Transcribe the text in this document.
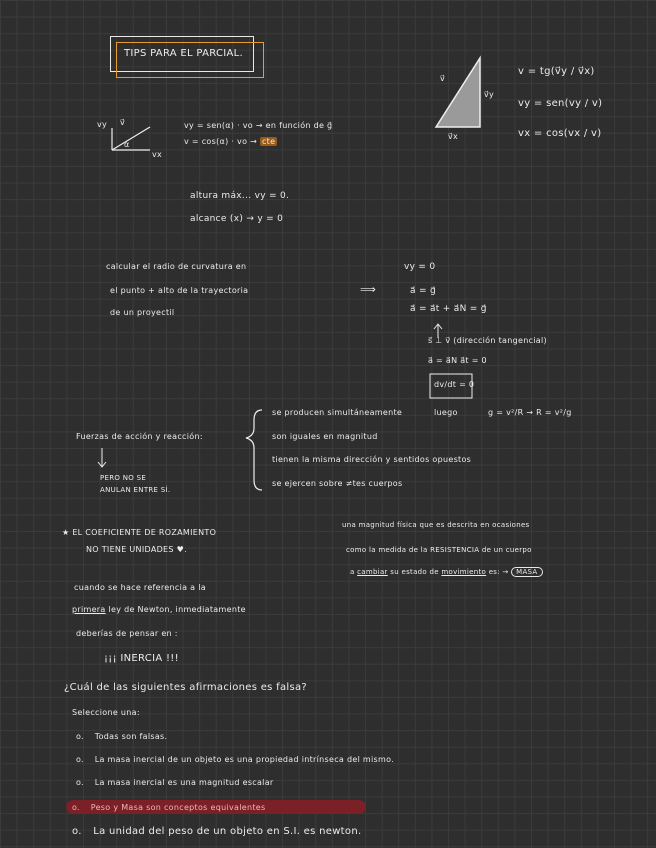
TIPS PARA EL PARCIAL.
v⃗
v⃗y
v⃗x
v = tg(v⃗y / v⃗x)
vy = sen(vy / v)
vx = cos(vx / v)
vy v⃗
vx
α
vy = sen(α) · vo → en función de g⃗
v = cos(α) · vo → cte
altura máx... vy = 0.
alcance (x) → y = 0
calcular el radio de curvatura en
el punto + alto de la trayectoria
de un proyectil
⟹
vy = 0
a⃗ = g⃗
a⃗ = a⃗t + a⃗N = g⃗
s⃗ ⊥ v⃗ (dirección tangencial)
a⃗ = a⃗N a⃗t = 0
dv/dt = 0
luego	g = v²/R → R = v²/g
Fuerzas de acción y reacción:
PERO NO SE
ANULAN ENTRE SÍ.
se producen simultáneamente
son iguales en magnitud
tienen la misma dirección y sentidos opuestos
se ejercen sobre ≠tes cuerpos
★ EL COEFICIENTE DE ROZAMIENTO
NO TIENE UNIDADES ♥.
una magnitud física que es descrita en ocasiones
como la medida de la RESISTENCIA de un cuerpo
a cambiar su estado de movimiento es: → MASA
cuando se hace referencia a la
primera ley de Newton, inmediatamente
deberías de pensar en :
¡¡¡ INERCIA !!!
¿Cuál de las siguientes afirmaciones es falsa?
Seleccione una:
o. Todas son falsas.
o. La masa inercial de un objeto es una propiedad intrínseca del mismo.
o. La masa inercial es una magnitud escalar
o. Peso y Masa son conceptos equivalentes
o. La unidad del peso de un objeto en S.I. es newton.
